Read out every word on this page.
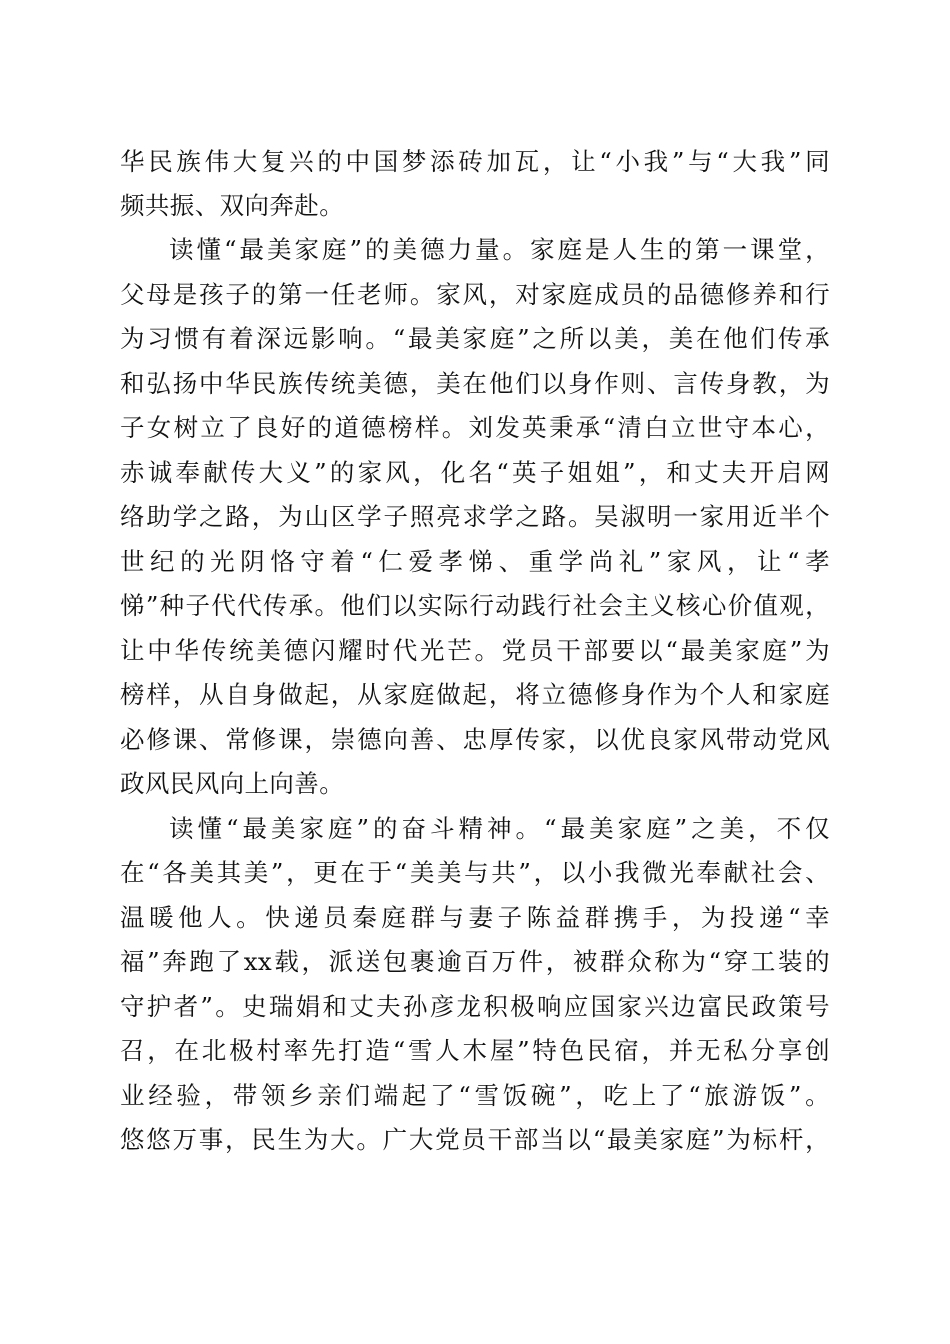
华民族伟大复兴的中国梦添砖加瓦，让“小我”与“大我”同
频共振、双向奔赴。
读懂“最美家庭”的美德力量。家庭是人生的第一课堂，
父母是孩子的第一任老师。家风，对家庭成员的品德修养和行
为习惯有着深远影响。“最美家庭”之所以美，美在他们传承
和弘扬中华民族传统美德，美在他们以身作则、言传身教，为
子女树立了良好的道德榜样。刘发英秉承“清白立世守本心，
赤诚奉献传大义”的家风，化名“英子姐姐”，和丈夫开启网
络助学之路，为山区学子照亮求学之路。吴淑明一家用近半个
世纪的光阴恪守着“仁爱孝悌、重学尚礼”家风，让“孝
悌”种子代代传承。他们以实际行动践行社会主义核心价值观，
让中华传统美德闪耀时代光芒。党员干部要以“最美家庭”为
榜样，从自身做起，从家庭做起，将立德修身作为个人和家庭
必修课、常修课，崇德向善、忠厚传家，以优良家风带动党风
政风民风向上向善。
读懂“最美家庭”的奋斗精神。“最美家庭”之美，不仅
在“各美其美”，更在于“美美与共”，以小我微光奉献社会、
温暖他人。快递员秦庭群与妻子陈益群携手，为投递“幸
福”奔跑了xx载，派送包裹逾百万件，被群众称为“穿工装的
守护者”。史瑞娟和丈夫孙彦龙积极响应国家兴边富民政策号
召，在北极村率先打造“雪人木屋”特色民宿，并无私分享创
业经验，带领乡亲们端起了“雪饭碗”，吃上了“旅游饭”。
悠悠万事，民生为大。广大党员干部当以“最美家庭”为标杆，
